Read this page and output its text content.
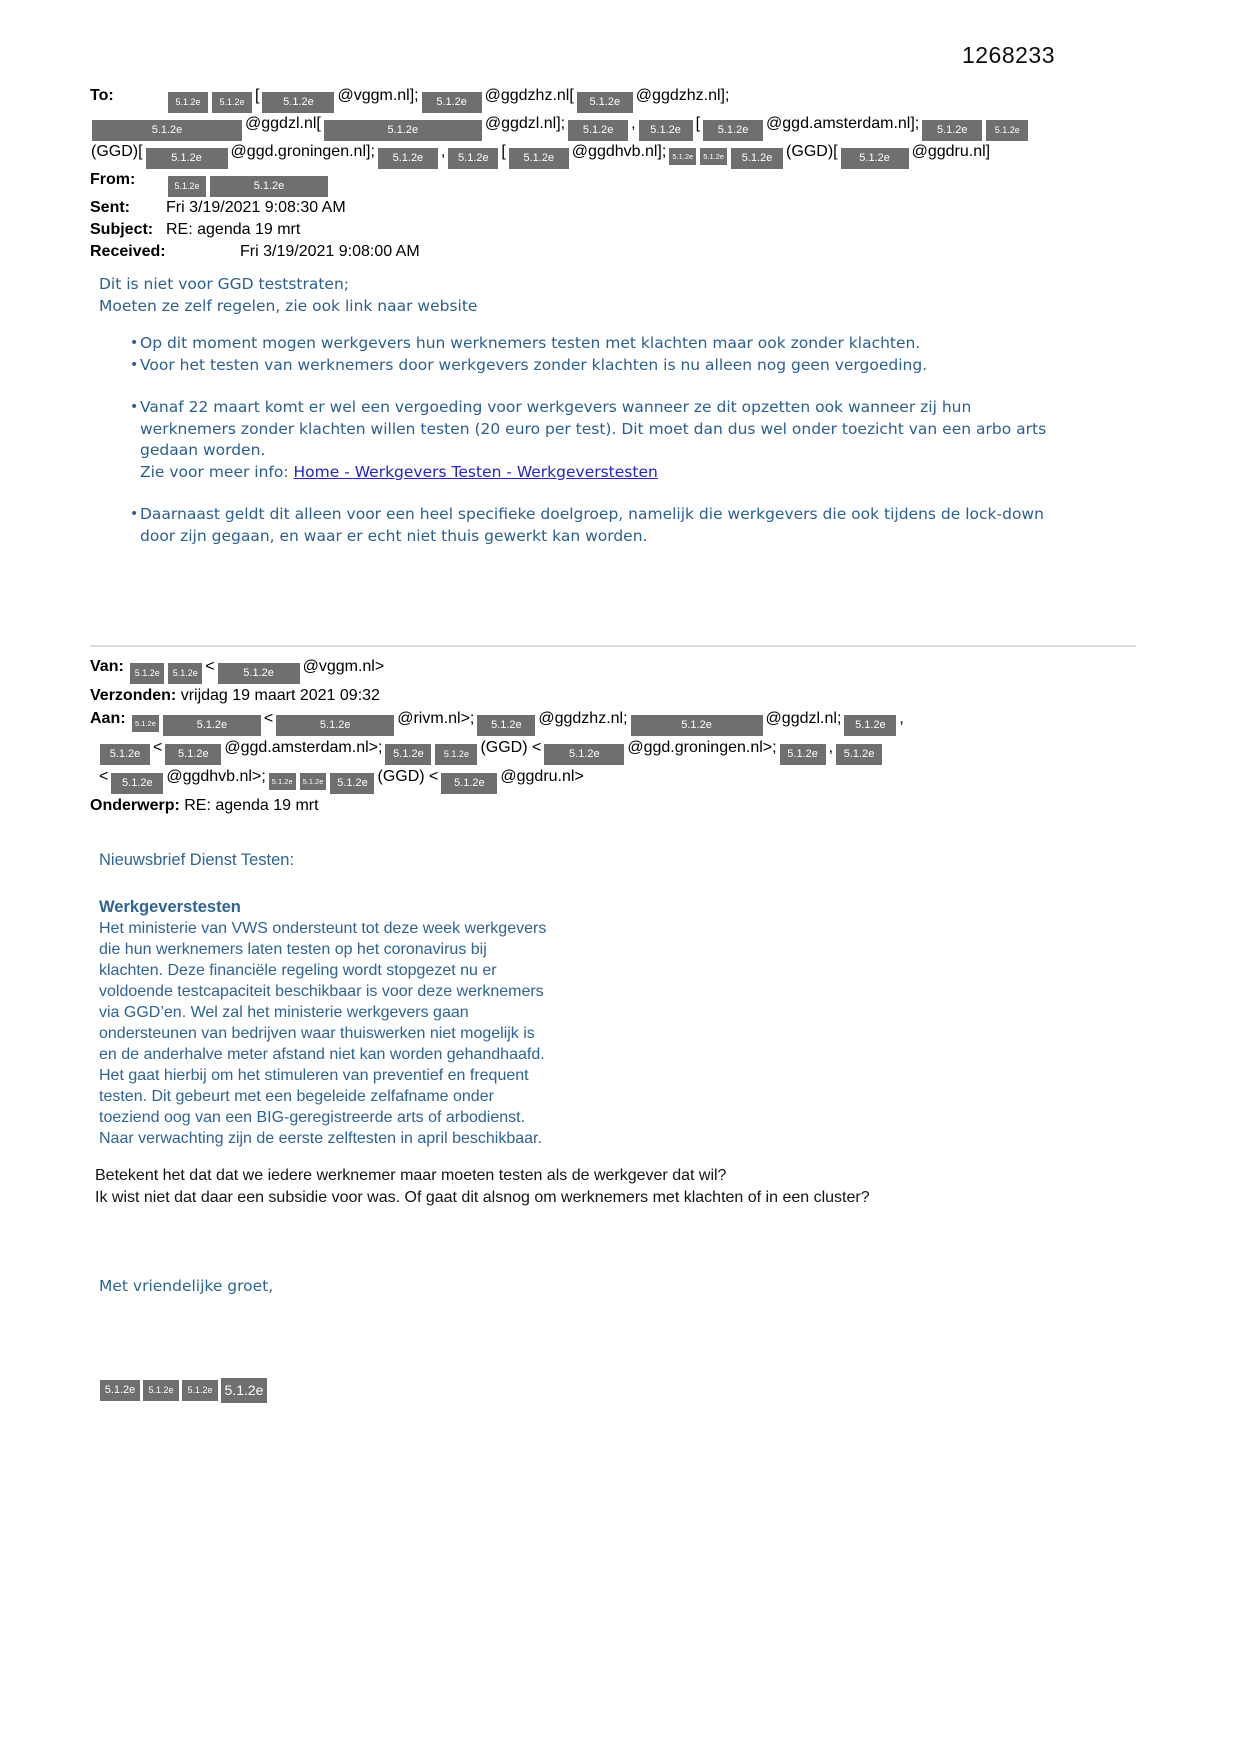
1268233
To:	5.1.2e 5.1.2e [ 5.1.2e @vggm.nl]; 5.1.2e @ggdzhz.nl[ 5.1.2e @ggdzhz.nl];
5.1.2e	@ggdzl.nl[	5.1.2e	@ggdzl.nl]; 5.1.2e , 5.1.2e [ 5.1.2e @ggd.amsterdam.nl]; 5.1.2e	5.1.2e
(GGD)[	5.1.2e @ggd.groningen.nl]; 5.1.2e , 5.1.2e [ 5.1.2e @ggdhvb.nl]; 5.1.2e 5.1.2e 5.1.2e (GGD)[ 5.1.2e @ggdru.nl]
From:	5.1.2e	5.1.2e
Sent: Fri 3/19/2021 9:08:30 AM
Subject: RE: agenda 19 mrt
Received:	Fri 3/19/2021 9:08:00 AM
Dit is niet voor GGD teststraten;
Moeten ze zelf regelen, zie ook link naar website
• Op dit moment mogen werkgevers hun werknemers testen met klachten maar ook zonder klachten.
• Voor het testen van werknemers door werkgevers zonder klachten is nu alleen nog geen vergoeding.
• Vanaf 22 maart komt er wel een vergoeding voor werkgevers wanneer ze dit opzetten ook wanneer zij hun werknemers zonder klachten willen testen (20 euro per test). Dit moet dan dus wel onder toezicht van een arbo arts gedaan worden.
Zie voor meer info: Home - Werkgevers Testen - Werkgeverstesten
• Daarnaast geldt dit alleen voor een heel specifieke doelgroep, namelijk die werkgevers die ook tijdens de lock-down door zijn gegaan, en waar er echt niet thuis gewerkt kan worden.
Van: 5.1.2e 5.1.2e <	5.1.2e @vggm.nl>
Verzonden: vrijdag 19 maart 2021 09:32
Aan: 5.1.2e	5.1.2e <	5.1.2e	@rivm.nl>; 5.1.2e @ggdzhz.nl;	5.1.2e	@ggdzl.nl; 5.1.2e ,
5.1.2e < 5.1.2e @ggd.amsterdam.nl>; 5.1.2e 5.1.2e (GGD) <	5.1.2e @ggd.groningen.nl>; 5.1.2e , 5.1.2e
< 5.1.2e @ggdhvb.nl>; 5.1.2e 5.1.2e 5.1.2e (GGD) < 5.1.2e @ggdru.nl>
Onderwerp: RE: agenda 19 mrt
Nieuwsbrief Dienst Testen:
Werkgeverstesten
Het ministerie van VWS ondersteunt tot deze week werkgevers die hun werknemers laten testen op het coronavirus bij klachten. Deze financiële regeling wordt stopgezet nu er voldoende testcapaciteit beschikbaar is voor deze werknemers via GGD’en. Wel zal het ministerie werkgevers gaan ondersteunen van bedrijven waar thuiswerken niet mogelijk is en de anderhalve meter afstand niet kan worden gehandhaafd. Het gaat hierbij om het stimuleren van preventief en frequent testen. Dit gebeurt met een begeleide zelfafname onder toeziend oog van een BIG-geregistreerde arts of arbodienst. Naar verwachting zijn de eerste zelftesten in april beschikbaar.
Betekent het dat dat we iedere werknemer maar moeten testen als de werkgever dat wil?
Ik wist niet dat daar een subsidie voor was. Of gaat dit alsnog om werknemers met klachten of in een cluster?
Met vriendelijke groet,
5.1.2e 5.1.2e 5.1.2e 5.1.2e
